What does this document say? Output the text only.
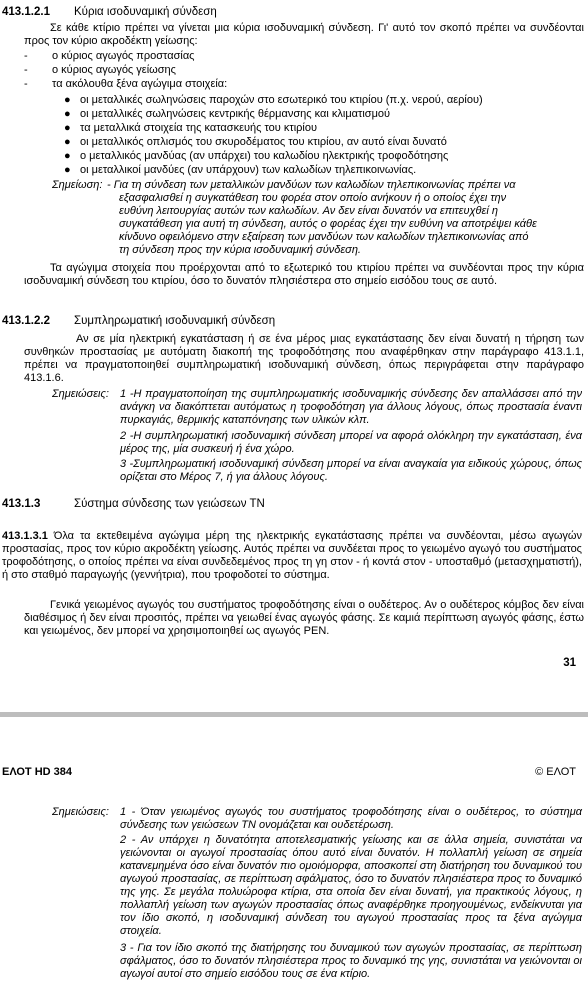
413.1.2.1 Κύρια ισοδυναμική σύνδεση
Σε κάθε κτίριο πρέπει να γίνεται μια κύρια ισοδυναμική σύνδεση. Γι' αυτό τον σκοπό πρέπει να συνδέονται προς τον κύριο ακροδέκτη γείωσης:
- ο κύριος αγωγός προστασίας
- ο κύριος αγωγός γείωσης
- τα ακόλουθα ξένα αγώγιμα στοιχεία:
● οι μεταλλικές σωληνώσεις παροχών στο εσωτερικό του κτιρίου (π.χ. νερού, αερίου)
● οι μεταλλικές σωληνώσεις κεντρικής θέρμανσης και κλιματισμού
● τα μεταλλικά στοιχεία της κατασκευής του κτιρίου
● οι μεταλλικός οπλισμός του σκυροδέματος του κτιρίου, αν αυτό είναι δυνατό
● ο μεταλλικός μανδύας (αν υπάρχει) του καλωδίου ηλεκτρικής τροφοδότησης
● οι μεταλλικοί μανδύες (αν υπάρχουν) των καλωδίων τηλεπικοινωνίας.
Σημείωση: - Για τη σύνδεση των μεταλλικών μανδύων των καλωδίων τηλεπικοινωνίας πρέπει να
εξασφαλισθεί η συγκατάθεση του φορέα στον οποίο ανήκουν ή ο οποίος έχει την
ευθύνη λειτουργίας αυτών των καλωδίων. Αν δεν είναι δυνατόν να επιτευχθεί η
συγκατάθεση για αυτή τη σύνδεση, αυτός ο φορέας έχει την ευθύνη να αποτρέψει κάθε
κίνδυνο οφειλόμενο στην εξαίρεση των μανδύων των καλωδίων τηλεπικοινωνίας από
τη σύνδεση προς την κύρια ισοδυναμική σύνδεση.
Τα αγώγιμα στοιχεία που προέρχονται από το εξωτερικό του κτιρίου πρέπει να συνδέονται προς την κύρια ισοδυναμική σύνδεση του κτιρίου, όσο το δυνατόν πλησιέστερα στο σημείο εισόδου τους σε αυτό.
413.1.2.2 Συμπληρωματική ισοδυναμική σύνδεση
Αν σε μία ηλεκτρική εγκατάσταση ή σε ένα μέρος μιας εγκατάστασης δεν είναι δυνατή η τήρηση των συνθηκών προστασίας με αυτόματη διακοπή της τροφοδότησης που αναφέρθηκαν στην παράγραφο 413.1.1, πρέπει να πραγματοποιηθεί συμπληρωματική ισοδυναμική σύνδεση, όπως περιγράφεται στην παράγραφο 413.1.6.
Σημειώσεις: 1 -Η πραγματοποίηση της συμπληρωματικής ισοδυναμικής σύνδεσης δεν απαλλάσσει από την ανάγκη να διακόπτεται αυτόματως η τροφοδότηση για άλλους λόγους, όπως προστασία έναντι πυρκαγιάς, θερμικής καταπόνησης των υλικών κλπ.
2 -Η συμπληρωματική ισοδυναμική σύνδεση μπορεί να αφορά ολόκληρη την εγκατάσταση, ένα μέρος της, μία συσκευή ή ένα χώρο.
3 -Συμπληρωματική ισοδυναμική σύνδεση μπορεί να είναι αναγκαία για ειδικούς χώρους, όπως ορίζεται στο Μέρος 7, ή για άλλους λόγους.
413.1.3	Σύστημα σύνδεσης των γειώσεων ΤΝ
413.1.3.1 Όλα τα εκτεθειμένα αγώγιμα μέρη της ηλεκτρικής εγκατάστασης πρέπει να συνδέονται, μέσω αγωγών προστασίας, προς τον κύριο ακροδέκτη γείωσης. Αυτός πρέπει να συνδέεται προς το γειωμένο αγωγό του συστήματος τροφοδότησης, ο οποίος πρέπει να είναι συνδεδεμένος προς τη γη στον - ή κοντά στον - υποσταθμό (μετασχηματιστή), ή στο σταθμό παραγωγής (γεννήτρια), που τροφοδοτεί το σύστημα.
Γενικά γειωμένος αγωγός του συστήματος τροφοδότησης είναι ο ουδέτερος. Αν ο ουδέτερος κόμβος δεν είναι διαθέσιμος ή δεν είναι προσιτός, πρέπει να γειωθεί ένας αγωγός φάσης. Σε καμιά περίπτωση αγωγός φάσης, έστω και γειωμένος, δεν μπορεί να χρησιμοποιηθεί ως αγωγός PEN.
31
ΕΛΟΤ HD 384	© ΕΛΟΤ
Σημειώσεις: 1 - Όταν γειωμένος αγωγός του συστήματος τροφοδότησης είναι ο ουδέτερος, το σύστημα σύνδεσης των γειώσεων ΤΝ ονομάζεται και ουδετέρωση.
2 - Αν υπάρχει η δυνατότητα αποτελεσματικής γείωσης και σε άλλα σημεία, συνιστάται να γειώνονται οι αγωγοί προστασίας όπου αυτό είναι δυνατόν. Η πολλαπλή γείωση σε σημεία κατανεμημένα όσο είναι δυνατόν πιο ομοιόμορφα, αποσκοπεί στη διατήρηση του δυναμικού του αγωγού προστασίας, σε περίπτωση σφάλματος, όσο το δυνατόν πλησιέστερα προς το δυναμικό της γης. Σε μεγάλα πολυώροφα κτίρια, στα οποία δεν είναι δυνατή, για πρακτικούς λόγους, η πολλαπλή γείωση των αγωγών προστασίας όπως αναφέρθηκε προηγουμένως, ενδείκνυται για τον ίδιο σκοπό, η ισοδυναμική σύνδεση του αγωγού προστασίας προς τα ξένα αγώγιμα στοιχεία.
3 - Για τον ίδιο σκοπό της διατήρησης του δυναμικού των αγωγών προστασίας, σε περίπτωση σφάλματος, όσο το δυνατόν πλησιέστερα προς το δυναμικό της γης, συνιστάται να γειώνονται οι αγωγοί αυτοί στο σημείο εισόδου τους σε ένα κτίριο.
